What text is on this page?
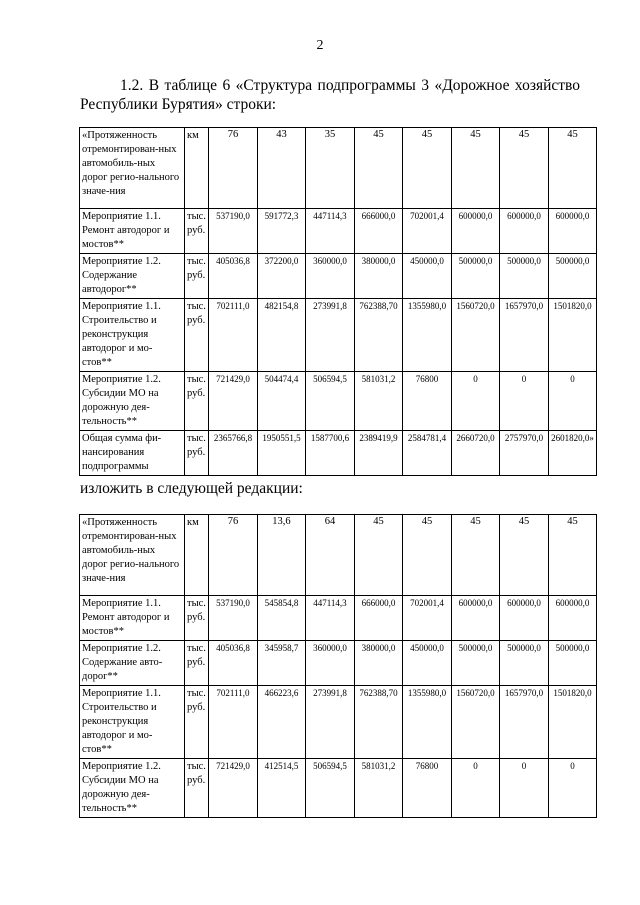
2
1.2. В таблице 6 «Структура подпрограммы 3 «Дорожное хозяйство Республики Бурятия» строки:
«Протяженность отремонтирован-ных автомобиль-ных дорог регио-нального значе-ния	км	76	43	35	45	45	45	45	45
Мероприятие 1.1. Ремонт автодорог и мостов**	тыс. руб.	537190,0	591772,3	447114,3	666000,0	702001,4	600000,0	600000,0	600000,0
Мероприятие 1.2. Содержание автодорог**	тыс. руб.	405036,8	372200,0	360000,0	380000,0	450000,0	500000,0	500000,0	500000,0
Мероприятие 1.1. Строительство и реконструкция автодорог и мо-стов**	тыс. руб.	702111,0	482154,8	273991,8	762388,70	1355980,0	1560720,0	1657970,0	1501820,0
Мероприятие 1.2. Субсидии МО на дорожную дея-тельность**	тыс. руб.	721429,0	504474,4	506594,5	581031,2	76800	0	0	0
Общая сумма фи-нансирования подпрограммы	тыс. руб.	2365766,8	1950551,5	1587700,6	2389419,9	2584781,4	2660720,0	2757970,0	2601820,0»
изложить в следующей редакции:
«Протяженность отремонтирован-ных автомобиль-ных дорог регио-нального значе-ния	км	76	13,6	64	45	45	45	45	45
Мероприятие 1.1. Ремонт автодорог и мостов**	тыс. руб.	537190,0	545854,8	447114,3	666000,0	702001,4	600000,0	600000,0	600000,0
Мероприятие 1.2. Содержание авто-дорог**	тыс. руб.	405036,8	345958,7	360000,0	380000,0	450000,0	500000,0	500000,0	500000,0
Мероприятие 1.1. Строительство и реконструкция автодорог и мо-стов**	тыс. руб.	702111,0	466223,6	273991,8	762388,70	1355980,0	1560720,0	1657970,0	1501820,0
Мероприятие 1.2. Субсидии МО на дорожную дея-тельность**	тыс. руб.	721429,0	412514,5	506594,5	581031,2	76800	0	0	0
